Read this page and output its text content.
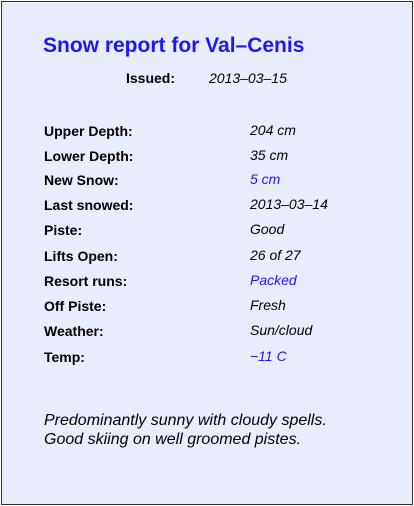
Snow report for Val–Cenis
Issued: 2013–03–15
Upper Depth:	204 cm
Lower Depth:	35 cm
New Snow:	5 cm
Last snowed:	2013–03–14
Piste:	Good
Lifts Open:	26 of 27
Resort runs:	Packed
Off Piste:	Fresh
Weather:	Sun/cloud
Temp:	−11 C
Predominantly sunny with cloudy spells.
Good skiing on well groomed pistes.
